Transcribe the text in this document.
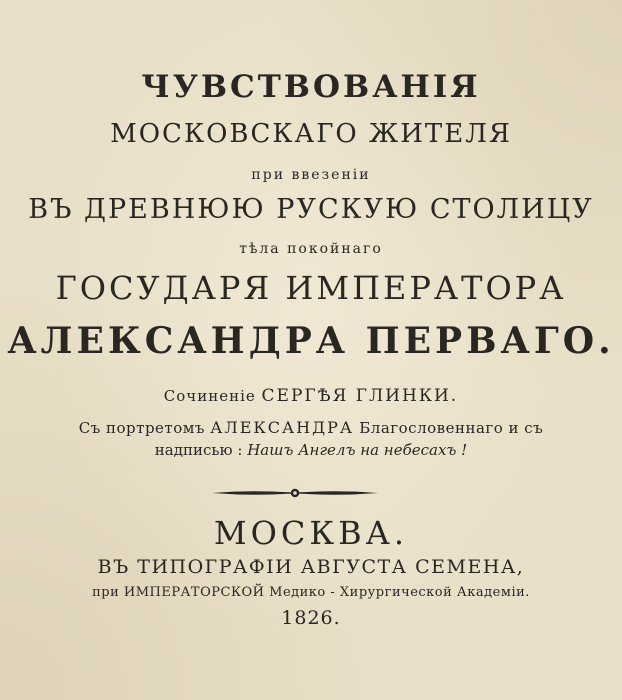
ЧУВСТВОВАНІЯ
МОСКОВСКАГО ЖИТЕЛЯ
при ввезеніи
ВЪ ДРЕВНЮЮ РУСКУЮ СТОЛИЦУ
тѣла покойнаго
ГОСУДАРЯ ИМПЕРАТОРА
АЛЕКСАНДРА ПЕРВАГО.
Сочиненіе СЕРГѢЯ ГЛИНКИ.
Съ портретомъ АЛЕКСАНДРА Благословеннаго и съ
надписью : Нашъ Ангелъ на небесахъ !
МОСКВА.
ВЪ ТИПОГРАФІИ АВГУСТА СЕМЕНА,
при ИМПЕРАТОРСКОЙ Медико - Хирургической Академіи.
1826.
